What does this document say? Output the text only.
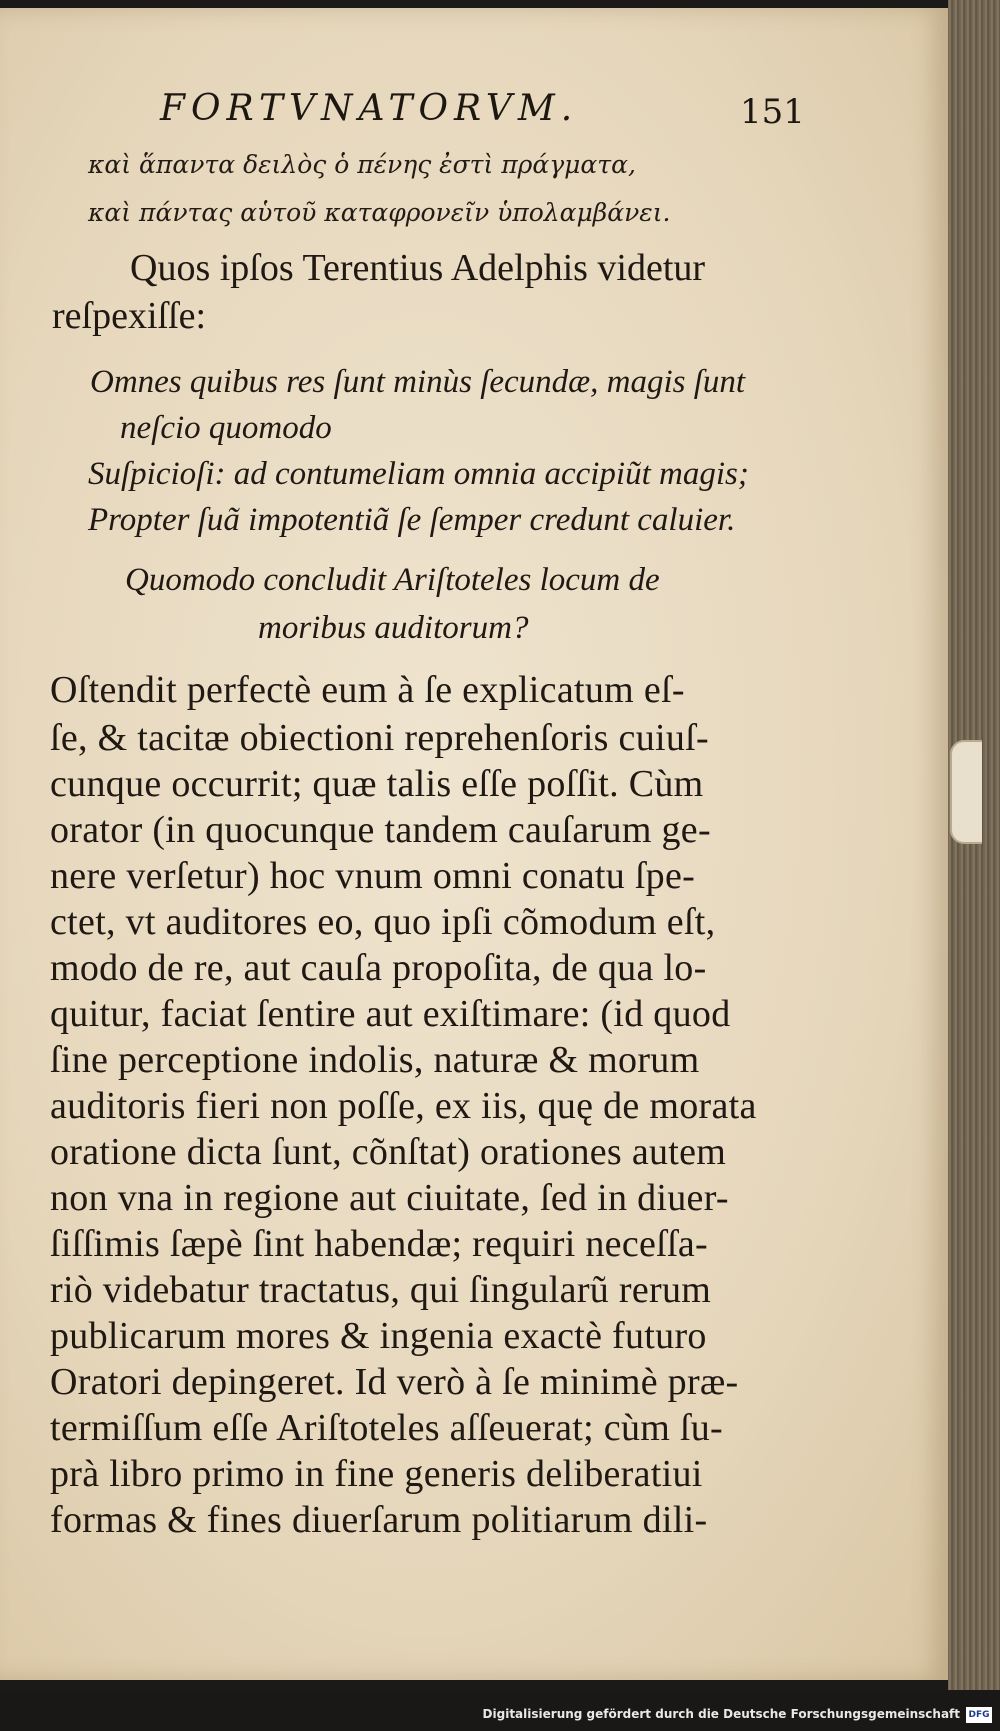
FORTVNATORVM.	151
καὶ ἅπαντα δειλὸς ὁ πένης ἐστὶ πράγματα,
καὶ πάντας αὑτοῦ καταφρονεῖν ὑπολαμβάνει.
Quos ipſos Terentius Adelphis videtur
reſpexiſſe:
Omnes quibus res ſunt minùs ſecundæ, magis ſunt
neſcio quomodo
Suſpicioſi: ad contumeliam omnia accipiũt magis;
Propter ſuã impotentiã ſe ſemper credunt caluier.
Quomodo concludit Ariſtoteles locum de
moribus auditorum?
Oſtendit perfectè eum à ſe explicatum eſ-
ſe, & tacitæ obiectioni reprehenſoris cuiuſ-
cunque occurrit; quæ talis eſſe poſſit. Cùm
orator (in quocunque tandem cauſarum ge-
nere verſetur) hoc vnum omni conatu ſpe-
ctet, vt auditores eo, quo ipſi cõmodum eſt,
modo de re, aut cauſa propoſita, de qua lo-
quitur, faciat ſentire aut exiſtimare: (id quod
ſine perceptione indolis, naturæ & morum
auditoris fieri non poſſe, ex iis, quę de morata
oratione dicta ſunt, cõnſtat) orationes autem
non vna in regione aut ciuitate, ſed in diuer-
ſiſſimis ſæpè ſint habendæ; requiri neceſſa-
riò videbatur tractatus, qui ſingularũ rerum
publicarum mores & ingenia exactè futuro
Oratori depingeret. Id verò à ſe minimè præ-
termiſſum eſſe Ariſtoteles aſſeuerat; cùm ſu-
prà libro primo in fine generis deliberatiui
formas & fines diuerſarum politiarum dili-
Digitalisierung gefördert durch die Deutsche Forschungsgemeinschaft DFG
